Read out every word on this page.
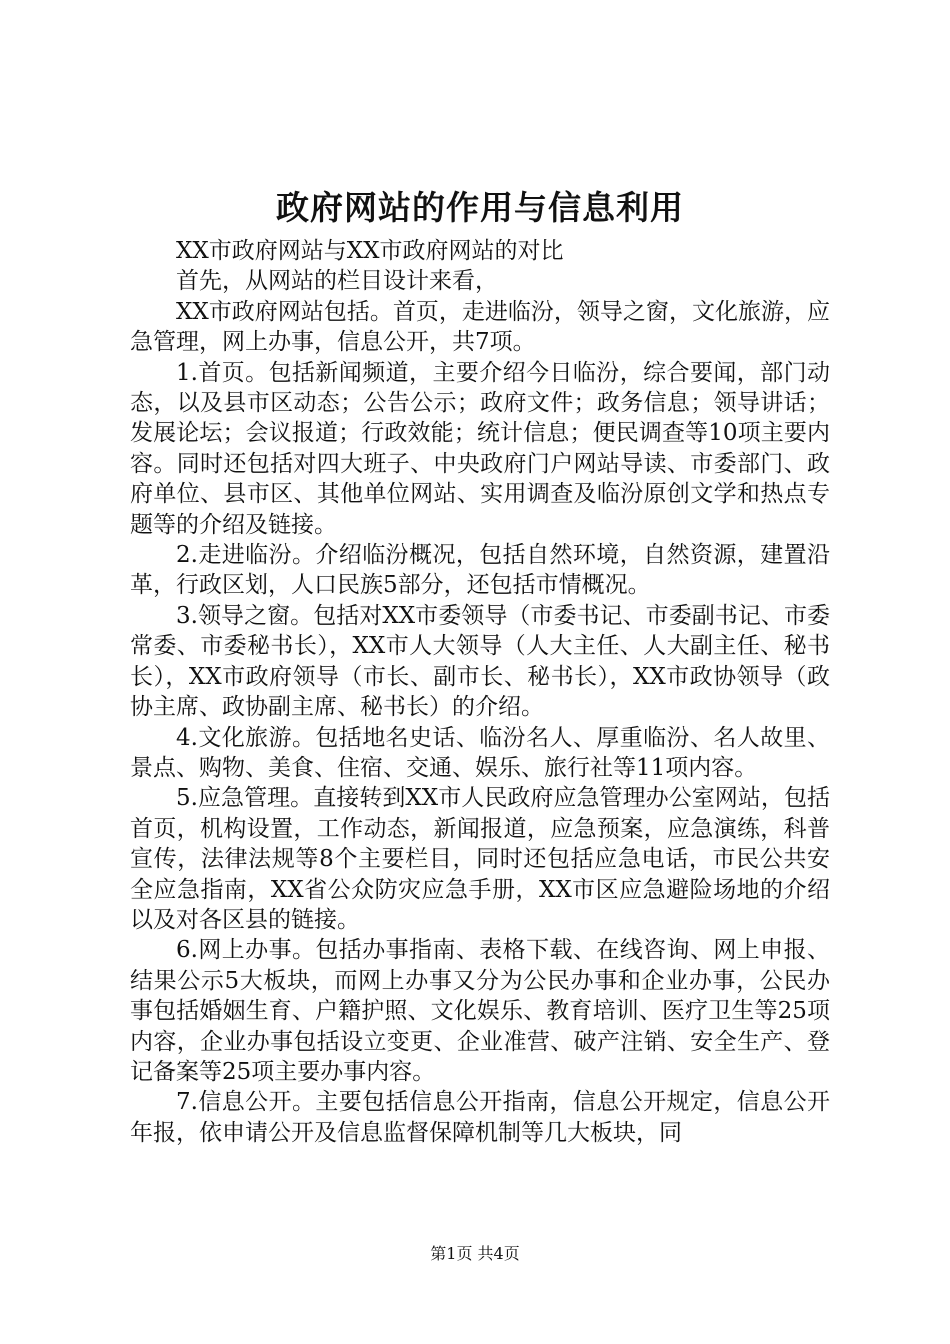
政府网站的作用与信息利用

XX市政府网站与XX市政府网站的对比

首先，从网站的栏目设计来看，

XX市政府网站包括。首页，走进临汾，领导之窗，文化旅游，应急管理，网上办事，信息公开，共7项。

1.首页。包括新闻频道，主要介绍今日临汾，综合要闻，部门动态，以及县市区动态；公告公示；政府文件；政务信息；领导讲话；发展论坛；会议报道；行政效能；统计信息；便民调查等10项主要内容。同时还包括对四大班子、中央政府门户网站导读、市委部门、政府单位、县市区、其他单位网站、实用调查及临汾原创文学和热点专题等的介绍及链接。

2.走进临汾。介绍临汾概况，包括自然环境，自然资源，建置沿革，行政区划，人口民族5部分，还包括市情概况。

3.领导之窗。包括对XX市委领导（市委书记、市委副书记、市委常委、市委秘书长），XX市人大领导（人大主任、人大副主任、秘书长），XX市政府领导（市长、副市长、秘书长），XX市政协领导（政协主席、政协副主席、秘书长）的介绍。

4.文化旅游。包括地名史话、临汾名人、厚重临汾、名人故里、景点、购物、美食、住宿、交通、娱乐、旅行社等11项内容。

5.应急管理。直接转到XX市人民政府应急管理办公室网站，包括首页，机构设置，工作动态，新闻报道，应急预案，应急演练，科普宣传，法律法规等8个主要栏目，同时还包括应急电话，市民公共安全应急指南，XX省公众防灾应急手册，XX市区应急避险场地的介绍以及对各区县的链接。

6.网上办事。包括办事指南、表格下载、在线咨询、网上申报、结果公示5大板块，而网上办事又分为公民办事和企业办事，公民办事包括婚姻生育、户籍护照、文化娱乐、教育培训、医疗卫生等25项内容，企业办事包括设立变更、企业准营、破产注销、安全生产、登记备案等25项主要办事内容。

7.信息公开。主要包括信息公开指南，信息公开规定，信息公开年报，依申请公开及信息监督保障机制等几大板块，同

第1页 共4页
